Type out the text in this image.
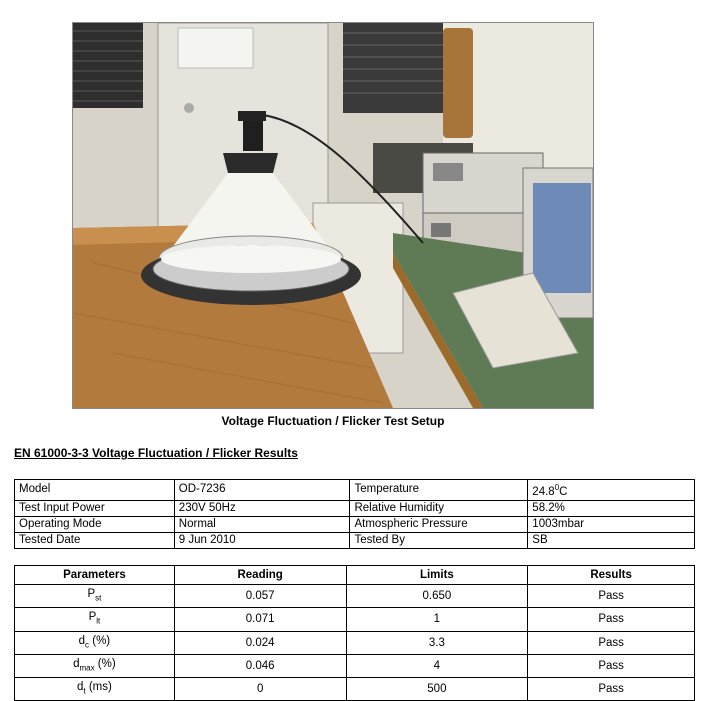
Voltage Fluctuation / Flicker Test Setup
EN 61000-3-3 Voltage Fluctuation / Flicker Results
Model	OD-7236	Temperature	24.8$^0$C
Test Input Power	230V 50Hz	Relative Humidity	58.2%
Operating Mode	Normal	Atmospheric Pressure	1003mbar
Tested Date	9 Jun 2010	Tested By	SB
Parameters	Reading	Limits	Results
$P_{st}$	0.057	0.650	Pass
$P_{lt}$	0.071	1	Pass
$d_c$ (%)	0.024	3.3	Pass
$d_{max}$ (%)	0.046	4	Pass
$d_t$ (ms)	0	500	Pass
